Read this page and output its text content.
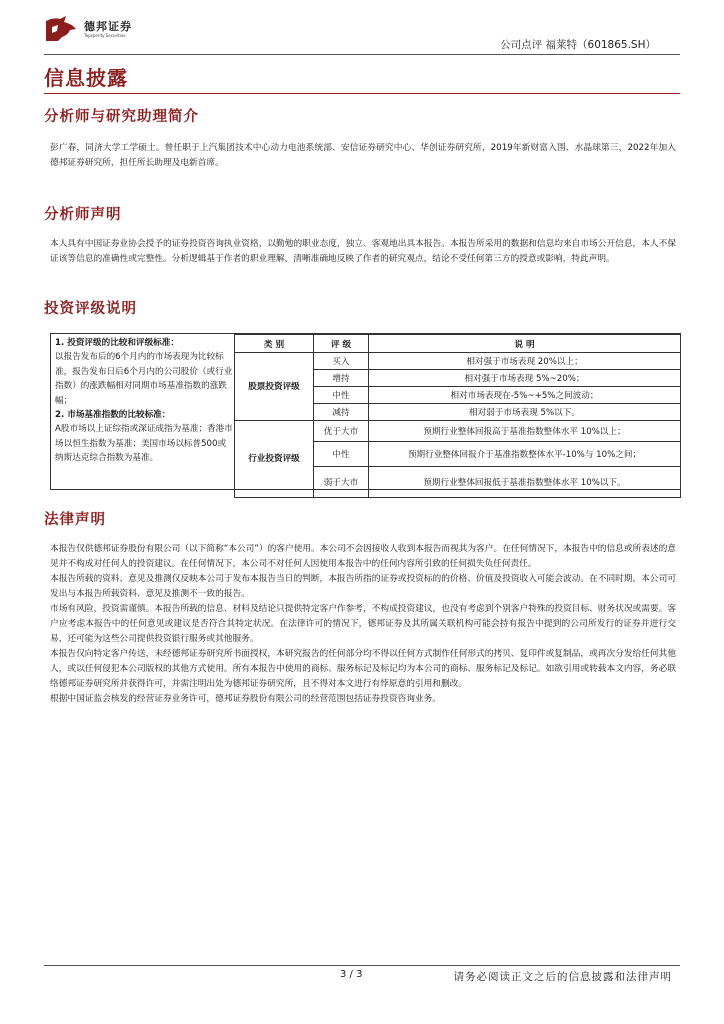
德邦证券
Topsperity Securities
公司点评 福莱特（601865.SH）
信息披露
分析师与研究助理简介

彭广春，同济大学工学硕士。曾任职于上汽集团技术中心动力电池系统部、安信证券研究中心、华创证券研究所，2019年新财富入围、水晶球第三，2022年加入德邦证券研究所，担任所长助理及电新首席。

分析师声明

本人具有中国证券业协会授予的证券投资咨询执业资格，以勤勉的职业态度，独立、客观地出具本报告。本报告所采用的数据和信息均来自市场公开信息，本人不保证该等信息的准确性或完整性。分析逻辑基于作者的职业理解，清晰准确地反映了作者的研究观点，结论不受任何第三方的授意或影响，特此声明。

投资评级说明
1. 投资评级的比较和评级标准：
以报告发布后的6个月内的市场表现为比较标准，报告发布日后6个月内的公司股价（或行业指数）的涨跌幅相对同期市场基准指数的涨跌幅；
2. 市场基准指数的比较标准：
A股市场以上证综指或深证成指为基准；香港市场以恒生指数为基准；美国市场以标普500或纳斯达克综合指数为基准。
类 别	评 级	说 明
股票投资评级	买入	相对强于市场表现 20%以上；
	增持	相对强于市场表现 5%~20%；
	中性	相对市场表现在-5%~+5%之间波动；
	减持	相对弱于市场表现 5%以下。
行业投资评级	优于大市	预期行业整体回报高于基准指数整体水平 10%以上；
	中性	预期行业整体回报介于基准指数整体水平-10%与 10%之间；
	弱于大市	预期行业整体回报低于基准指数整体水平 10%以下。
法律声明

本报告仅供德邦证券股份有限公司（以下简称“本公司”）的客户使用。本公司不会因接收人收到本报告而视其为客户。在任何情况下，本报告中的信息或所表述的意见并不构成对任何人的投资建议。在任何情况下，本公司不对任何人因使用本报告中的任何内容所引致的任何损失负任何责任。

本报告所载的资料、意见及推测仅反映本公司于发布本报告当日的判断，本报告所指的证券或投资标的的价格、价值及投资收入可能会波动。在不同时期，本公司可发出与本报告所载资料、意见及推测不一致的报告。

市场有风险，投资需谨慎。本报告所载的信息、材料及结论只提供特定客户作参考，不构成投资建议，也没有考虑到个别客户特殊的投资目标、财务状况或需要。客户应考虑本报告中的任何意见或建议是否符合其特定状况。在法律许可的情况下，德邦证券及其所属关联机构可能会持有报告中提到的公司所发行的证券并进行交易，还可能为这些公司提供投资银行服务或其他服务。

本报告仅向特定客户传送，未经德邦证券研究所书面授权，本研究报告的任何部分均不得以任何方式制作任何形式的拷贝、复印件或复制品，或再次分发给任何其他人，或以任何侵犯本公司版权的其他方式使用。所有本报告中使用的商标、服务标记及标记均为本公司的商标、服务标记及标记。如欲引用或转载本文内容，务必联络德邦证券研究所并获得许可，并需注明出处为德邦证券研究所，且不得对本文进行有悖原意的引用和删改。

根据中国证监会核发的经营证券业务许可，德邦证券股份有限公司的经营范围包括证券投资咨询业务。

3 / 3	请务必阅读正文之后的信息披露和法律声明
